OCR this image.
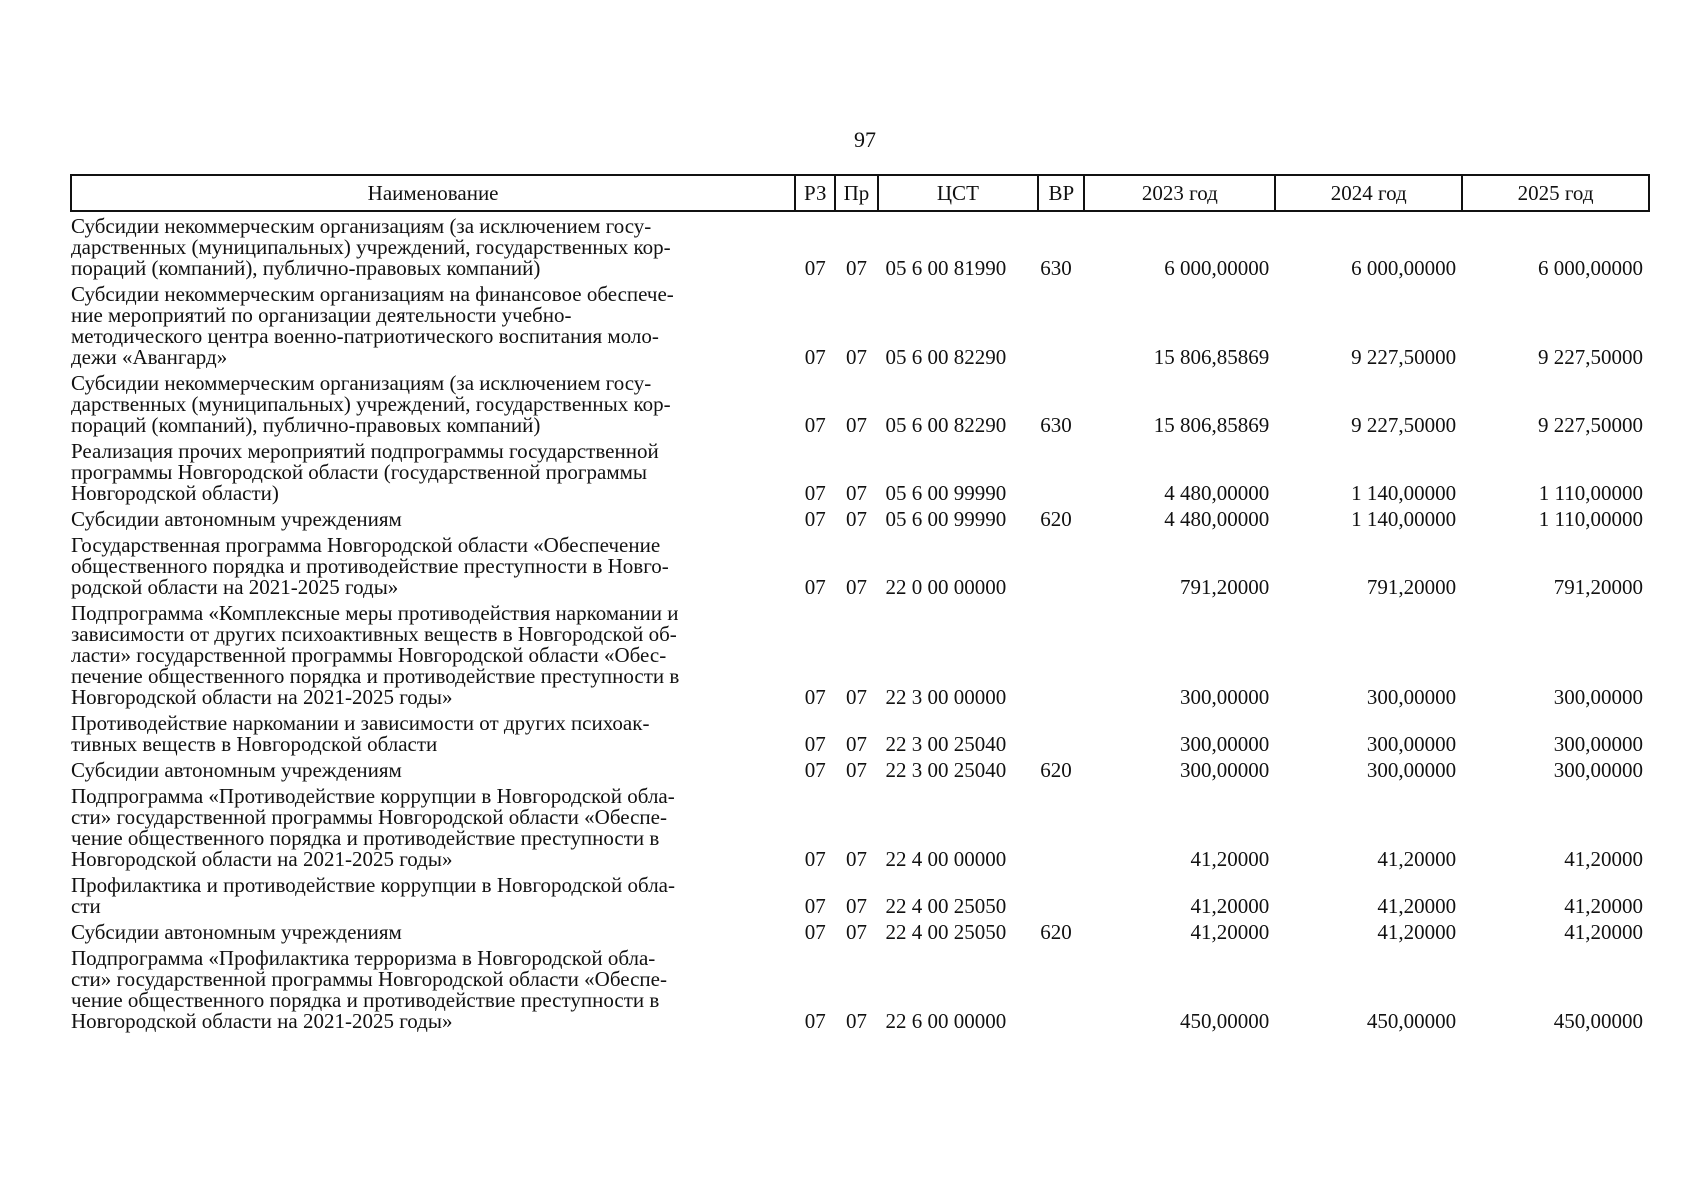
97
Наименование	РЗ	Пр	ЦСТ	ВР	2023 год	2024 год	2025 год
Субсидии некоммерческим организациям (за исключением госу-
дарственных (муниципальных) учреждений, государственных кор-
пораций (компаний), публично-правовых компаний)	07	07	05 6 00 81990	630	6 000,00000	6 000,00000	6 000,00000
Субсидии некоммерческим организациям на финансовое обеспече-
ние мероприятий по организации деятельности учебно-
методического центра военно-патриотического воспитания моло-
дежи «Авангард»	07	07	05 6 00 82290		15 806,85869	9 227,50000	9 227,50000
Субсидии некоммерческим организациям (за исключением госу-
дарственных (муниципальных) учреждений, государственных кор-
пораций (компаний), публично-правовых компаний)	07	07	05 6 00 82290	630	15 806,85869	9 227,50000	9 227,50000
Реализация прочих мероприятий подпрограммы государственной
программы Новгородской области (государственной программы
Новгородской области)	07	07	05 6 00 99990		4 480,00000	1 140,00000	1 110,00000
Субсидии автономным учреждениям	07	07	05 6 00 99990	620	4 480,00000	1 140,00000	1 110,00000
Государственная программа Новгородской области «Обеспечение
общественного порядка и противодействие преступности в Новго-
родской области на 2021-2025 годы»	07	07	22 0 00 00000		791,20000	791,20000	791,20000
Подпрограмма «Комплексные меры противодействия наркомании и
зависимости от других психоактивных веществ в Новгородской об-
ласти» государственной программы Новгородской области «Обес-
печение общественного порядка и противодействие преступности в
Новгородской области на 2021-2025 годы»	07	07	22 3 00 00000		300,00000	300,00000	300,00000
Противодействие наркомании и зависимости от других психоак-
тивных веществ в Новгородской области	07	07	22 3 00 25040		300,00000	300,00000	300,00000
Субсидии автономным учреждениям	07	07	22 3 00 25040	620	300,00000	300,00000	300,00000
Подпрограмма «Противодействие коррупции в Новгородской обла-
сти» государственной программы Новгородской области «Обеспе-
чение общественного порядка и противодействие преступности в
Новгородской области на 2021-2025 годы»	07	07	22 4 00 00000		41,20000	41,20000	41,20000
Профилактика и противодействие коррупции в Новгородской обла-
сти	07	07	22 4 00 25050		41,20000	41,20000	41,20000
Субсидии автономным учреждениям	07	07	22 4 00 25050	620	41,20000	41,20000	41,20000
Подпрограмма «Профилактика терроризма в Новгородской обла-
сти» государственной программы Новгородской области «Обеспе-
чение общественного порядка и противодействие преступности в
Новгородской области на 2021-2025 годы»	07	07	22 6 00 00000		450,00000	450,00000	450,00000
